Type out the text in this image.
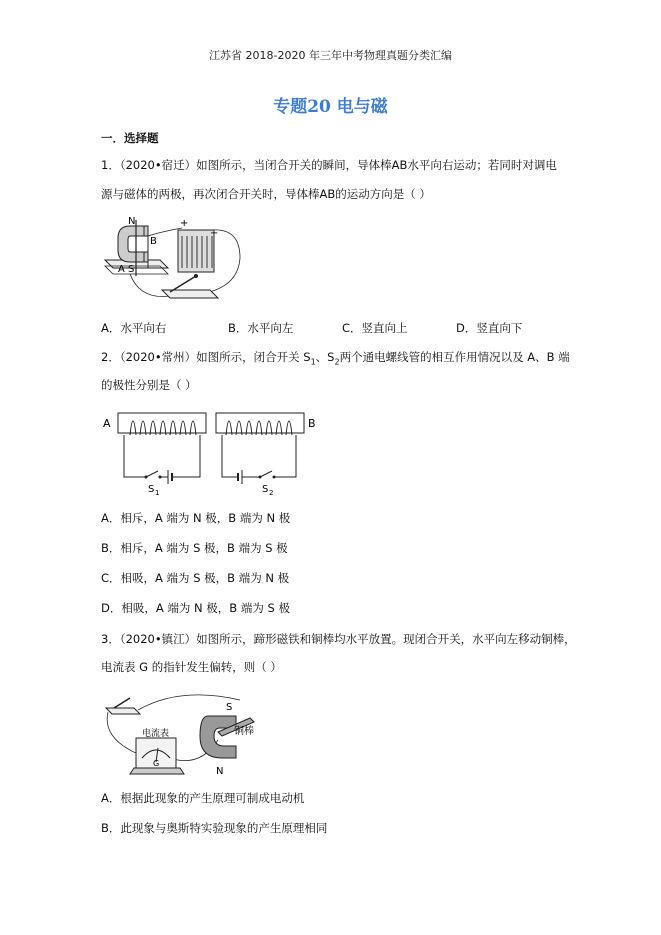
江苏省 2018-2020 年三年中考物理真题分类汇编
专题20 电与磁
一．选择题
1．（2020•宿迁）如图所示，当闭合开关的瞬间，导体棒AB水平向右运动；若同时对调电
源与磁体的两极，再次闭合开关时，导体棒AB的运动方向是（ ）
N
B
A S
+
−
A．水平向右	B．水平向左	C．竖直向上	D．竖直向下
2．（2020•常州）如图所示，闭合开关 $S_1$、$S_2$两个通电螺线管的相互作用情况以及 A、B 端
的极性分别是（ ）
A	B
S 1	S 2
A．相斥，A 端为 N 极，B 端为 N 极
B．相斥，A 端为 S 极，B 端为 S 极
C．相吸，A 端为 S 极，B 端为 N 极
D．相吸，A 端为 N 极，B 端为 S 极
3．（2020•镇江）如图所示，蹄形磁铁和铜棒均水平放置。现闭合开关，水平向左移动铜棒，
电流表 G 的指针发生偏转，则（ ）
电流表
G
S
N
铜棒
A．根据此现象的产生原理可制成电动机
B．此现象与奥斯特实验现象的产生原理相同
